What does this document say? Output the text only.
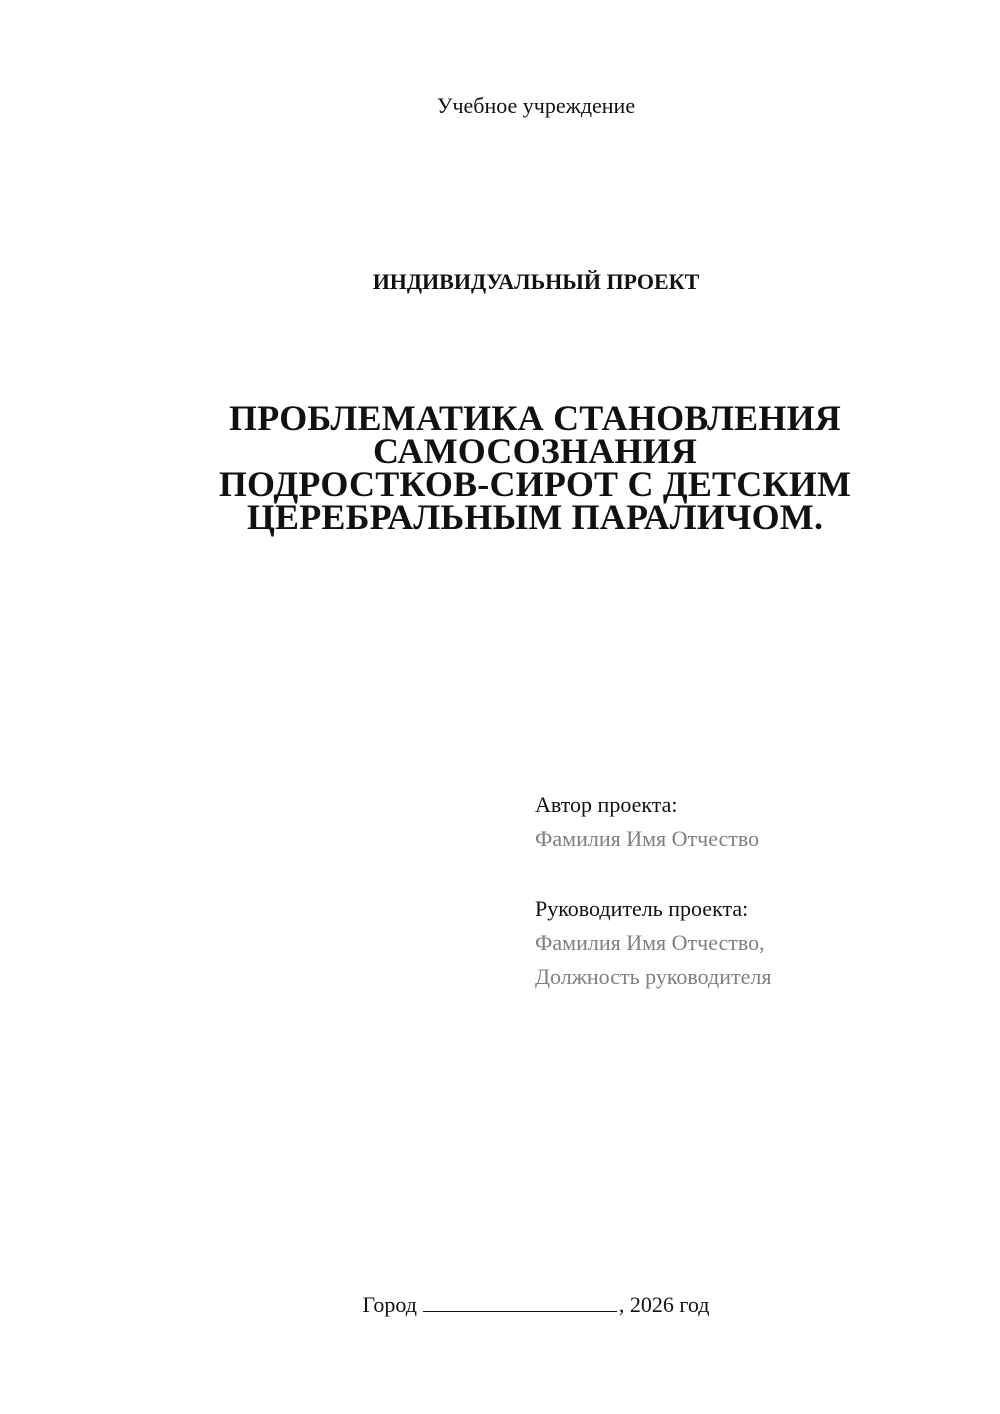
Учебное учреждение
ИНДИВИДУАЛЬНЫЙ ПРОЕКТ
ПРОБЛЕМАТИКА СТАНОВЛЕНИЯ
САМОСОЗНАНИЯ
ПОДРОСТКОВ-СИРОТ С ДЕТСКИМ
ЦЕРЕБРАЛЬНЫМ ПАРАЛИЧОМ.
Автор проекта:
Фамилия Имя Отчество
Руководитель проекта:
Фамилия Имя Отчество,
Должность руководителя
Город	, 2026 год
